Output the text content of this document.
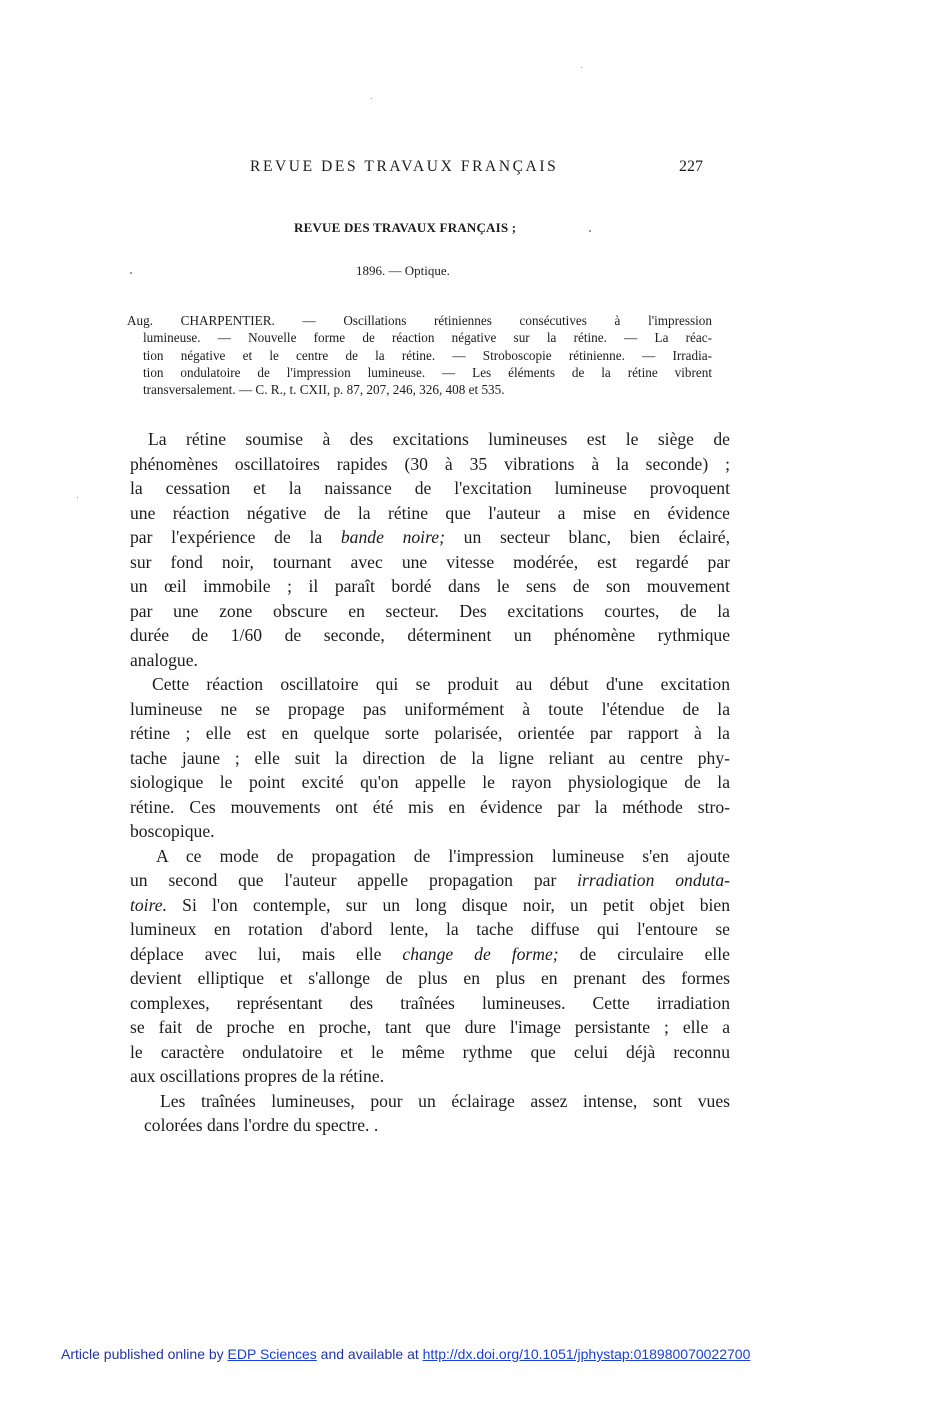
REVUE DES TRAVAUX FRANÇAIS	227
REVUE DES TRAVAUX FRANÇAIS ;
1896. — Optique.
Aug. CHARPENTIER. — Oscillations rétiniennes consécutives à l'impression
lumineuse. — Nouvelle forme de réaction négative sur la rétine. — La réac-
tion négative et le centre de la rétine. — Stroboscopie rétinienne. — Irradia-
tion ondulatoire de l'impression lumineuse. — Les éléments de la rétine vibrent
transversalement. — C. R., t. CXII, p. 87, 207, 246, 326, 408 et 535.
La rétine soumise à des excitations lumineuses est le siège de
phénomènes oscillatoires rapides (30 à 35 vibrations à la seconde) ;
la cessation et la naissance de l'excitation lumineuse provoquent
une réaction négative de la rétine que l'auteur a mise en évidence
par l'expérience de la bande noire; un secteur blanc, bien éclairé,
sur fond noir, tournant avec une vitesse modérée, est regardé par
un œil immobile ; il paraît bordé dans le sens de son mouvement
par une zone obscure en secteur. Des excitations courtes, de la
durée de 1/60 de seconde, déterminent un phénomène rythmique
analogue.
Cette réaction oscillatoire qui se produit au début d'une excitation
lumineuse ne se propage pas uniformément à toute l'étendue de la
rétine ; elle est en quelque sorte polarisée, orientée par rapport à la
tache jaune ; elle suit la direction de la ligne reliant au centre phy-
siologique le point excité qu'on appelle le rayon physiologique de la
rétine. Ces mouvements ont été mis en évidence par la méthode stro-
boscopique.
A ce mode de propagation de l'impression lumineuse s'en ajoute
un second que l'auteur appelle propagation par irradiation onduta-
toire. Si l'on contemple, sur un long disque noir, un petit objet bien
lumineux en rotation d'abord lente, la tache diffuse qui l'entoure se
déplace avec lui, mais elle change de forme; de circulaire elle
devient elliptique et s'allonge de plus en plus en prenant des formes
complexes, représentant des traînées lumineuses. Cette irradiation
se fait de proche en proche, tant que dure l'image persistante ; elle a
le caractère ondulatoire et le même rythme que celui déjà reconnu
aux oscillations propres de la rétine.
Les traînées lumineuses, pour un éclairage assez intense, sont vues
colorées dans l'ordre du spectre. .
Article published online by EDP Sciences and available at http://dx.doi.org/10.1051/jphystap:018980070022700
